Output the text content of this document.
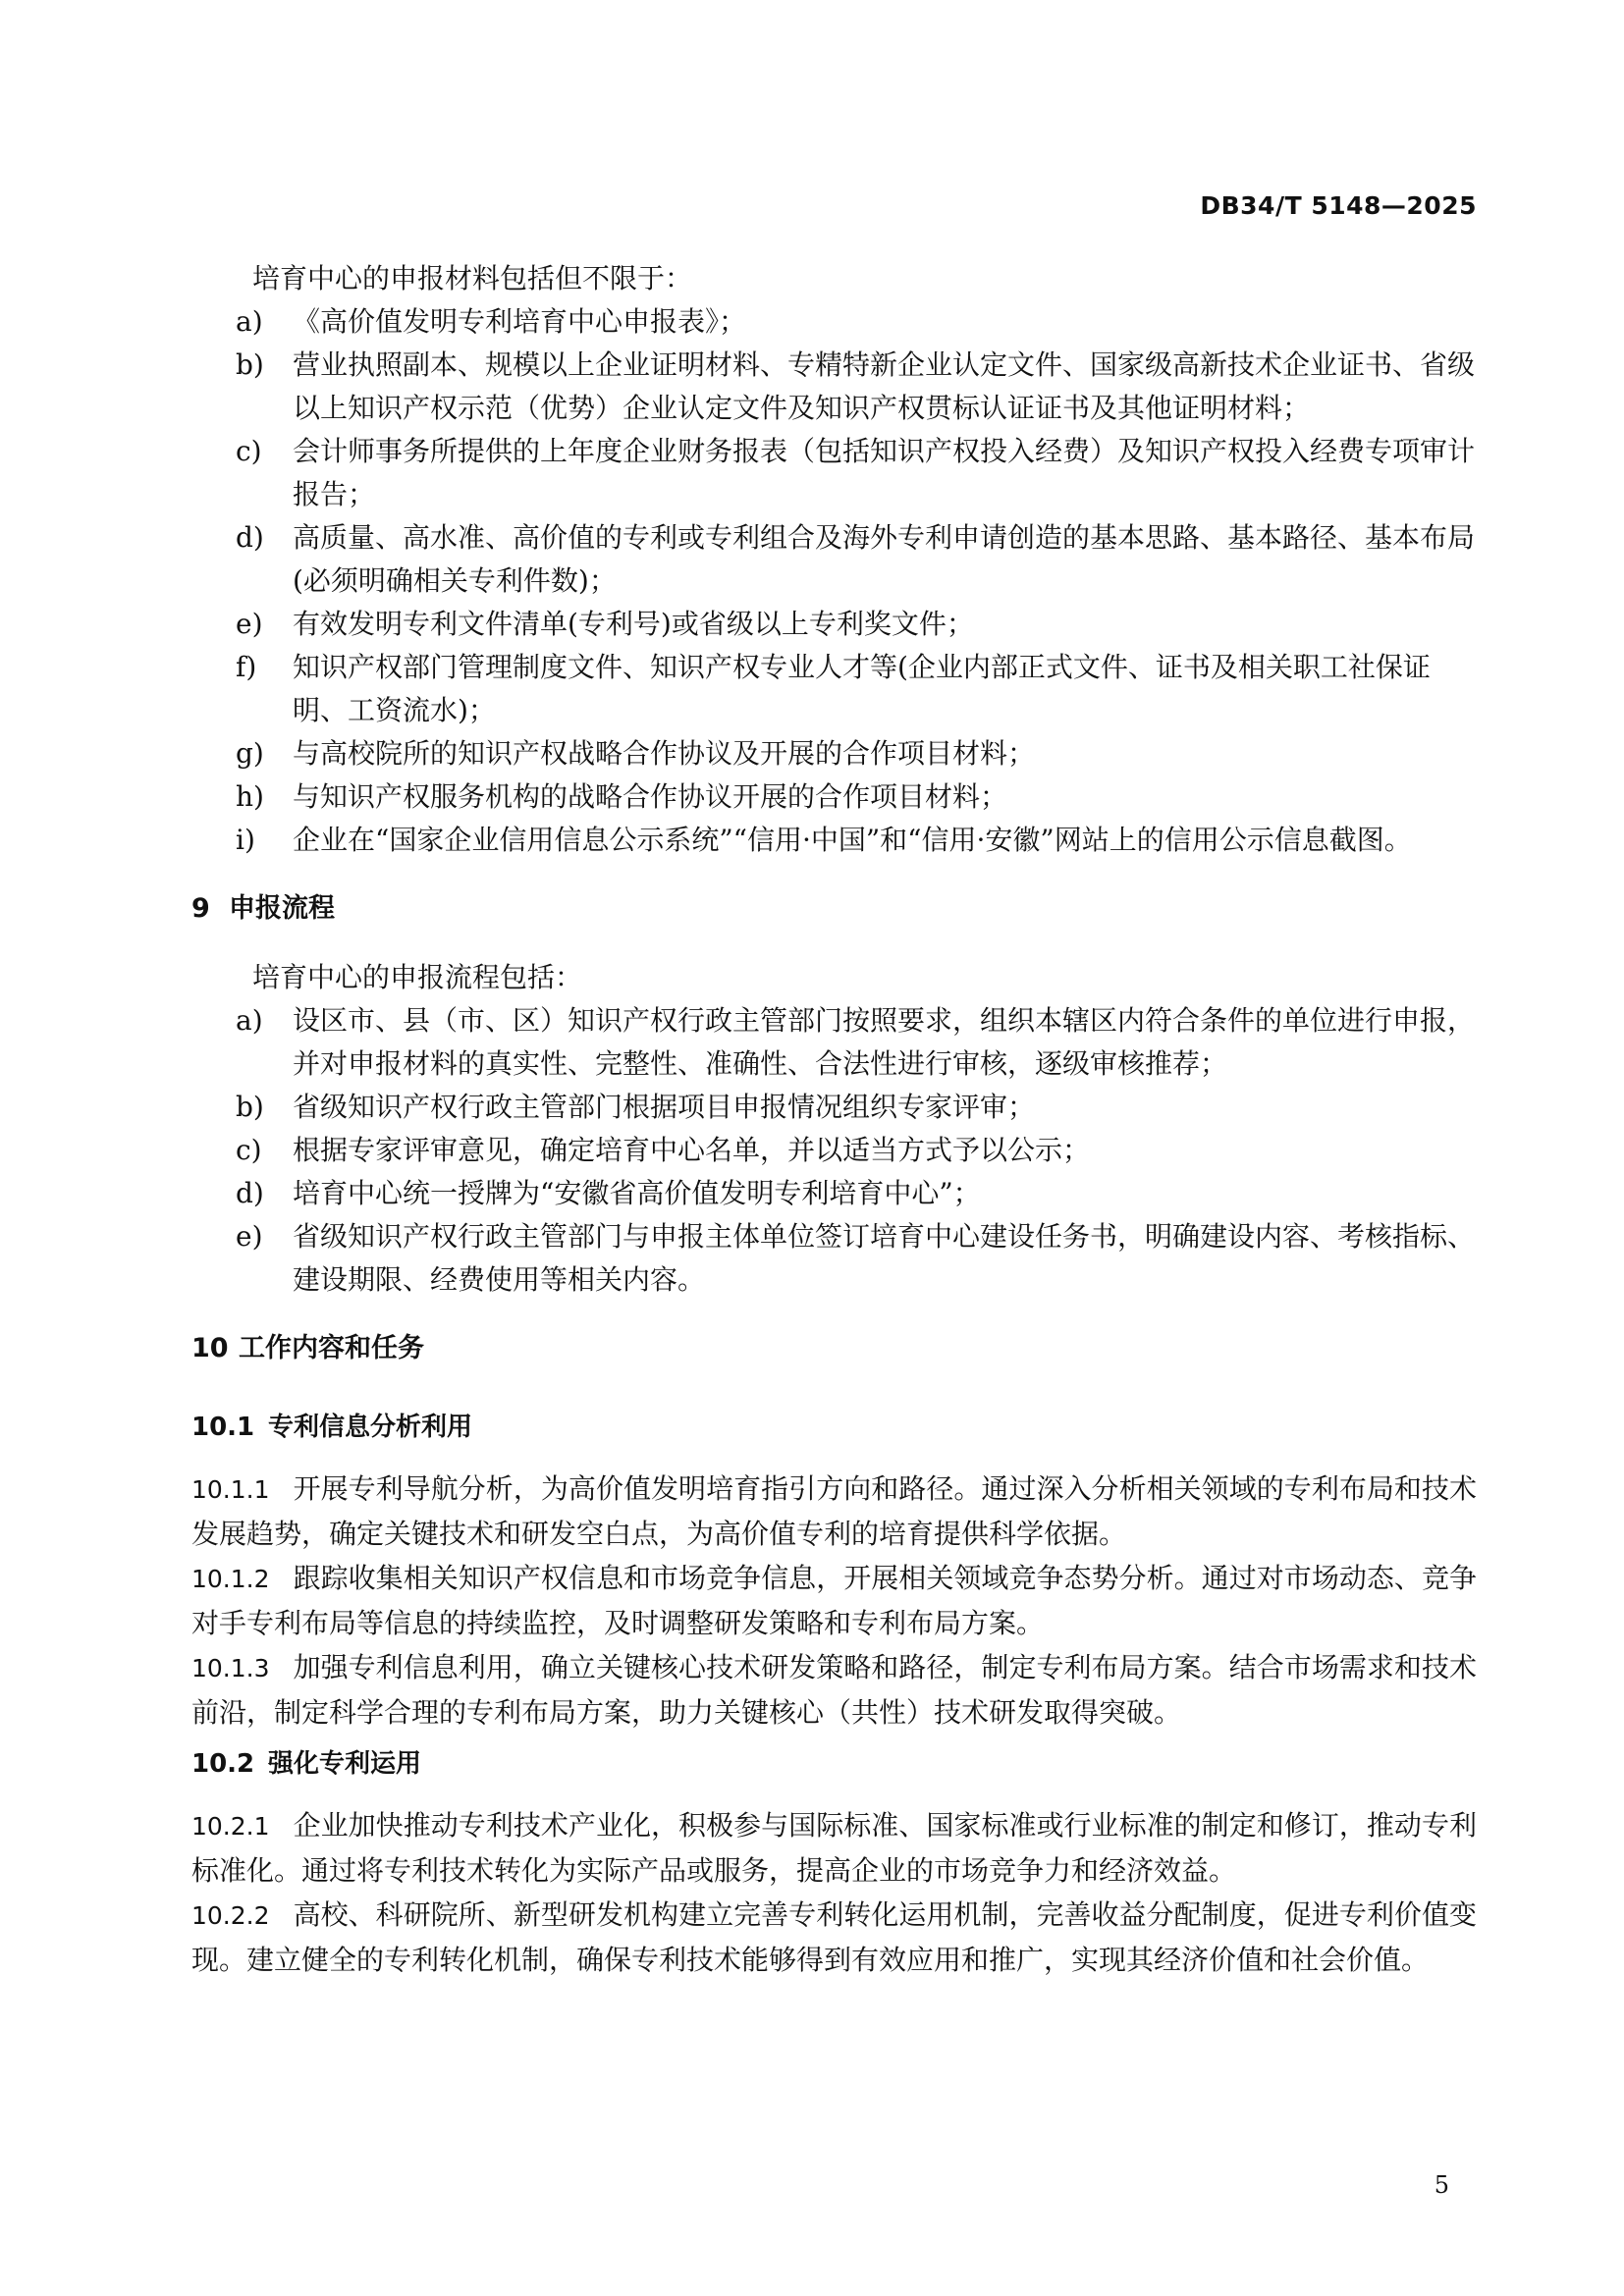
DB34/T 5148—2025

培育中心的申报材料包括但不限于：

a) 《高价值发明专利培育中心申报表》；
b) 营业执照副本、规模以上企业证明材料、专精特新企业认定文件、国家级高新技术企业证书、省级以上知识产权示范（优势）企业认定文件及知识产权贯标认证证书及其他证明材料；
c) 会计师事务所提供的上年度企业财务报表（包括知识产权投入经费）及知识产权投入经费专项审计报告；
d) 高质量、高水准、高价值的专利或专利组合及海外专利申请创造的基本思路、基本路径、基本布局(必须明确相关专利件数)；
e) 有效发明专利文件清单(专利号)或省级以上专利奖文件；
f) 知识产权部门管理制度文件、知识产权专业人才等(企业内部正式文件、证书及相关职工社保证明、工资流水)；
g) 与高校院所的知识产权战略合作协议及开展的合作项目材料；
h) 与知识产权服务机构的战略合作协议开展的合作项目材料；
i) 企业在“国家企业信用信息公示系统”“信用·中国”和“信用·安徽”网站上的信用公示信息截图。
9 申报流程

培育中心的申报流程包括：

a) 设区市、县（市、区）知识产权行政主管部门按照要求，组织本辖区内符合条件的单位进行申报，并对申报材料的真实性、完整性、准确性、合法性进行审核，逐级审核推荐；
b) 省级知识产权行政主管部门根据项目申报情况组织专家评审；
c) 根据专家评审意见，确定培育中心名单，并以适当方式予以公示；
d) 培育中心统一授牌为“安徽省高价值发明专利培育中心”；
e) 省级知识产权行政主管部门与申报主体单位签订培育中心建设任务书，明确建设内容、考核指标、建设期限、经费使用等相关内容。
10 工作内容和任务
10.1 专利信息分析利用

10.1.1 开展专利导航分析，为高价值发明培育指引方向和路径。通过深入分析相关领域的专利布局和技术发展趋势，确定关键技术和研发空白点，为高价值专利的培育提供科学依据。

10.1.2 跟踪收集相关知识产权信息和市场竞争信息，开展相关领域竞争态势分析。通过对市场动态、竞争对手专利布局等信息的持续监控，及时调整研发策略和专利布局方案。

10.1.3 加强专利信息利用，确立关键核心技术研发策略和路径，制定专利布局方案。结合市场需求和技术前沿，制定科学合理的专利布局方案，助力关键核心（共性）技术研发取得突破。

10.2 强化专利运用

10.2.1 企业加快推动专利技术产业化，积极参与国际标准、国家标准或行业标准的制定和修订，推动专利标准化。通过将专利技术转化为实际产品或服务，提高企业的市场竞争力和经济效益。

10.2.2 高校、科研院所、新型研发机构建立完善专利转化运用机制，完善收益分配制度，促进专利价值变现。建立健全的专利转化机制，确保专利技术能够得到有效应用和推广，实现其经济价值和社会价值。

5
